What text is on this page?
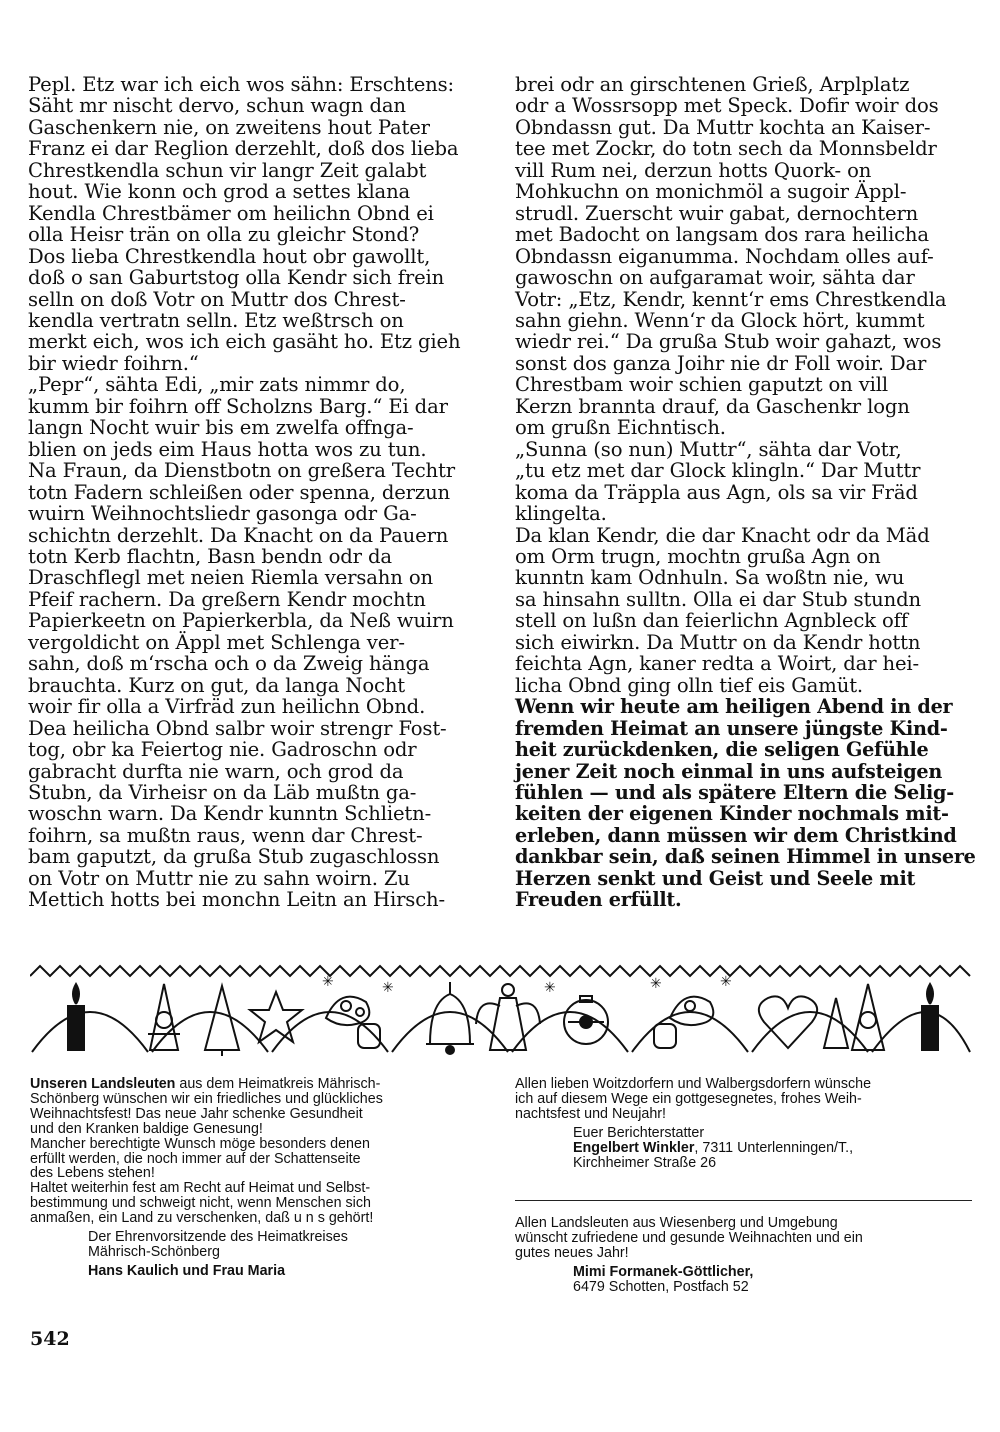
Pepl. Etz war ich eich wos sähn: Erschtens:

Säht mr nischt dervo, schun wagn dan

Gaschenkern nie, on zweitens hout Pater

Franz ei dar Reglion derzehlt, doß dos lieba

Chrestkendla schun vir langr Zeit galabt

hout. Wie konn och grod a settes klana

Kendla Chrestbämer om heilichn Obnd ei

olla Heisr trän on olla zu gleichr Stond?

Dos lieba Chrestkendla hout obr gawollt,

doß o san Gaburtstog olla Kendr sich frein

selln on doß Votr on Muttr dos Chrest-

kendla vertratn selln. Etz weßtrsch on

merkt eich, wos ich eich gasäht ho. Etz gieh

bir wiedr foihrn.“

„Pepr“, sähta Edi, „mir zats nimmr do,

kumm bir foihrn off Scholzns Barg.“ Ei dar

langn Nocht wuir bis em zwelfa offnga-

blien on jeds eim Haus hotta wos zu tun.

Na Fraun, da Dienstbotn on greßera Techtr

totn Fadern schleißen oder spenna, derzun

wuirn Weihnochtsliedr gasonga odr Ga-

schichtn derzehlt. Da Knacht on da Pauern

totn Kerb flachtn, Basn bendn odr da

Draschflegl met neien Riemla versahn on

Pfeif rachern. Da greßern Kendr mochtn

Papierkeetn on Papierkerbla, da Neß wuirn

vergoldicht on Äppl met Schlenga ver-

sahn, doß m‘rscha och o da Zweig hänga

brauchta. Kurz on gut, da langa Nocht

woir fir olla a Virfräd zun heilichn Obnd.

Dea heilicha Obnd salbr woir strengr Fost-

tog, obr ka Feiertog nie. Gadroschn odr

gabracht durfta nie warn, och grod da

Stubn, da Virheisr on da Läb mußtn ga-

woschn warn. Da Kendr kunntn Schlietn-

foihrn, sa mußtn raus, wenn dar Chrest-

bam gaputzt, da grußa Stub zugaschlossn

on Votr on Muttr nie zu sahn woirn. Zu

Mettich hotts bei monchn Leitn an Hirsch-

brei odr an girschtenen Grieß, Arplplatz

odr a Wossrsopp met Speck. Dofir woir dos

Obndassn gut. Da Muttr kochta an Kaiser-

tee met Zockr, do totn sech da Monnsbeldr

vill Rum nei, derzun hotts Quork- on

Mohkuchn on monichmöl a sugoir Äppl-

strudl. Zuerscht wuir gabat, dernochtern

met Badocht on langsam dos rara heilicha

Obndassn eiganumma. Nochdam olles auf-

gawoschn on aufgaramat woir, sähta dar

Votr: „Etz, Kendr, kennt‘r ems Chrestkendla

sahn giehn. Wenn‘r da Glock hört, kummt

wiedr rei.“ Da grußa Stub woir gahazt, wos

sonst dos ganza Joihr nie dr Foll woir. Dar

Chrestbam woir schien gaputzt on vill

Kerzn brannta drauf, da Gaschenkr logn

om grußn Eichntisch.

„Sunna (so nun) Muttr“, sähta dar Votr,

„tu etz met dar Glock klingln.“ Dar Muttr

koma da Träppla aus Agn, ols sa vir Fräd

klingelta.

Da klan Kendr, die dar Knacht odr da Mäd

om Orm trugn, mochtn grußa Agn on

kunntn kam Odnhuln. Sa woßtn nie, wu

sa hinsahn sulltn. Olla ei dar Stub stundn

stell on lußn dan feierlichn Agnbleck off

sich eiwirkn. Da Muttr on da Kendr hottn

feichta Agn, kaner redta a Woirt, dar hei-

licha Obnd ging olln tief eis Gamüt.

Wenn wir heute am heiligen Abend in der

fremden Heimat an unsere jüngste Kind-

heit zurückdenken, die seligen Gefühle

jener Zeit noch einmal in uns aufsteigen

fühlen — und als spätere Eltern die Selig-

keiten der eigenen Kinder nochmals mit-

erleben, dann müssen wir dem Christkind

dankbar sein, daß seinen Himmel in unsere

Herzen senkt und Geist und Seele mit

Freuden erfüllt.

✳	✳	✳	✳	✳

Unseren Landsleuten aus dem Heimatkreis Mährisch-

Schönberg wünschen wir ein friedliches und glückliches

Weihnachtsfest! Das neue Jahr schenke Gesundheit

und den Kranken baldige Genesung!

Mancher berechtigte Wunsch möge besonders denen

erfüllt werden, die noch immer auf der Schattenseite

des Lebens stehen!

Haltet weiterhin fest am Recht auf Heimat und Selbst-

bestimmung und schweigt nicht, wenn Menschen sich

anmaßen, ein Land zu verschenken, daß u n s gehört!

Der Ehrenvorsitzende des Heimatkreises

Mährisch-Schönberg

Hans Kaulich und Frau Maria

Allen lieben Woitzdorfern und Walbergsdorfern wünsche

ich auf diesem Wege ein gottgesegnetes, frohes Weih-

nachtsfest und Neujahr!

Euer Berichterstatter

Engelbert Winkler, 7311 Unterlenningen/T.,

Kirchheimer Straße 26

Allen Landsleuten aus Wiesenberg und Umgebung

wünscht zufriedene und gesunde Weihnachten und ein

gutes neues Jahr!

Mimi Formanek-Göttlicher,

6479 Schotten, Postfach 52

542
